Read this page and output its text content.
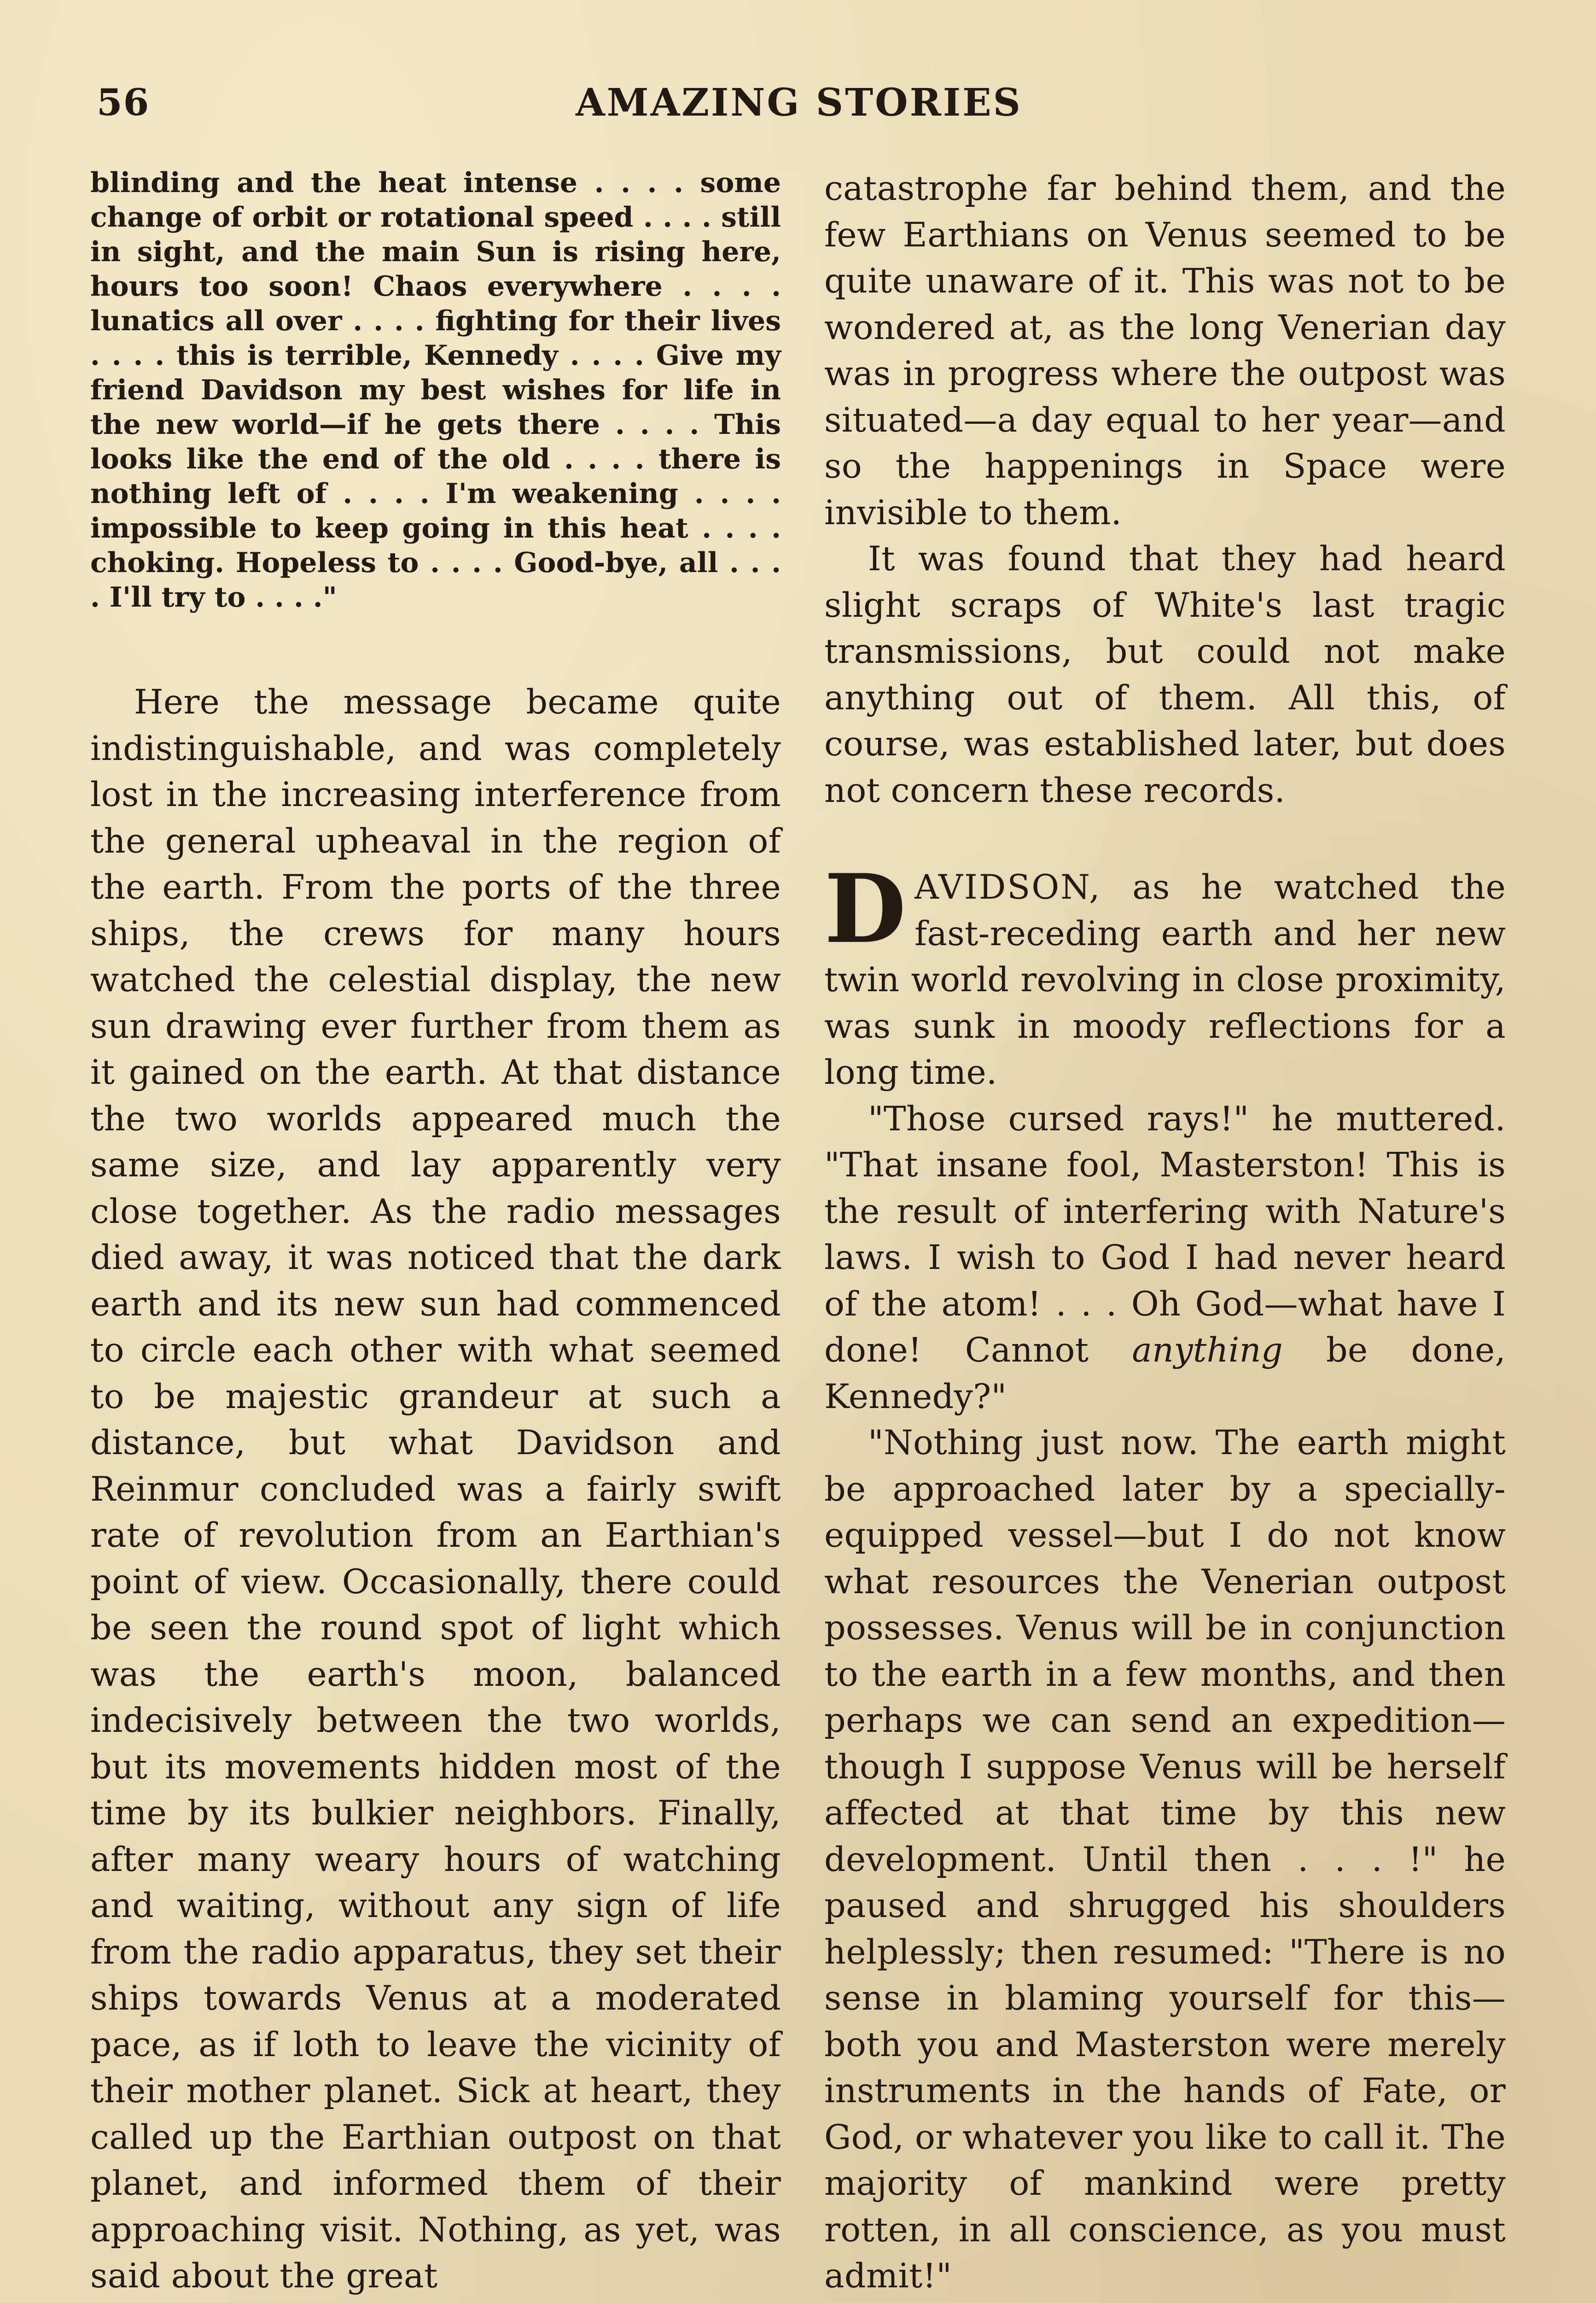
56	AMAZING STORIES

blinding and the heat intense . . . . some change of orbit or rotational speed . . . . still in sight, and the main Sun is rising here, hours too soon! Chaos everywhere . . . . lunatics all over . . . . fighting for their lives . . . . this is terrible, Kennedy . . . . Give my friend Davidson my best wishes for life in the new world—if he gets there . . . . This looks like the end of the old . . . . there is nothing left of . . . . I'm weakening . . . . impossible to keep going in this heat . . . . choking. Hopeless to . . . . Good-bye, all . . . . I'll try to . . . ."

Here the message became quite indistinguishable, and was completely lost in the increasing interference from the general upheaval in the region of the earth. From the ports of the three ships, the crews for many hours watched the celestial display, the new sun drawing ever further from them as it gained on the earth. At that distance the two worlds appeared much the same size, and lay apparently very close together. As the radio messages died away, it was noticed that the dark earth and its new sun had commenced to circle each other with what seemed to be majestic grandeur at such a distance, but what Davidson and Reinmur concluded was a fairly swift rate of revolution from an Earthian's point of view. Occasionally, there could be seen the round spot of light which was the earth's moon, balanced indecisively between the two worlds, but its movements hidden most of the time by its bulkier neighbors. Finally, after many weary hours of watching and waiting, without any sign of life from the radio apparatus, they set their ships towards Venus at a moderated pace, as if loth to leave the vicinity of their mother planet. Sick at heart, they called up the Earthian outpost on that planet, and informed them of their approaching visit. Nothing, as yet, was said about the great

catastrophe far behind them, and the few Earthians on Venus seemed to be quite unaware of it. This was not to be wondered at, as the long Venerian day was in progress where the outpost was situated—a day equal to her year—and so the happenings in Space were invisible to them.

It was found that they had heard slight scraps of White's last tragic transmissions, but could not make anything out of them. All this, of course, was established later, but does not concern these records.

DAVIDSON, as he watched the fast-receding earth and her new twin world revolving in close proximity, was sunk in moody reflections for a long time.

"Those cursed rays!" he muttered. "That insane fool, Masterston! This is the result of interfering with Nature's laws. I wish to God I had never heard of the atom! . . . Oh God—what have I done! Cannot anything be done, Kennedy?"

"Nothing just now. The earth might be approached later by a specially-equipped vessel—but I do not know what resources the Venerian outpost possesses. Venus will be in conjunction to the earth in a few months, and then perhaps we can send an expedition—though I suppose Venus will be herself affected at that time by this new development. Until then . . . !" he paused and shrugged his shoulders helplessly; then resumed: "There is no sense in blaming yourself for this—both you and Masterston were merely instruments in the hands of Fate, or God, or whatever you like to call it. The majority of mankind were pretty rotten, in all conscience, as you must admit!"
